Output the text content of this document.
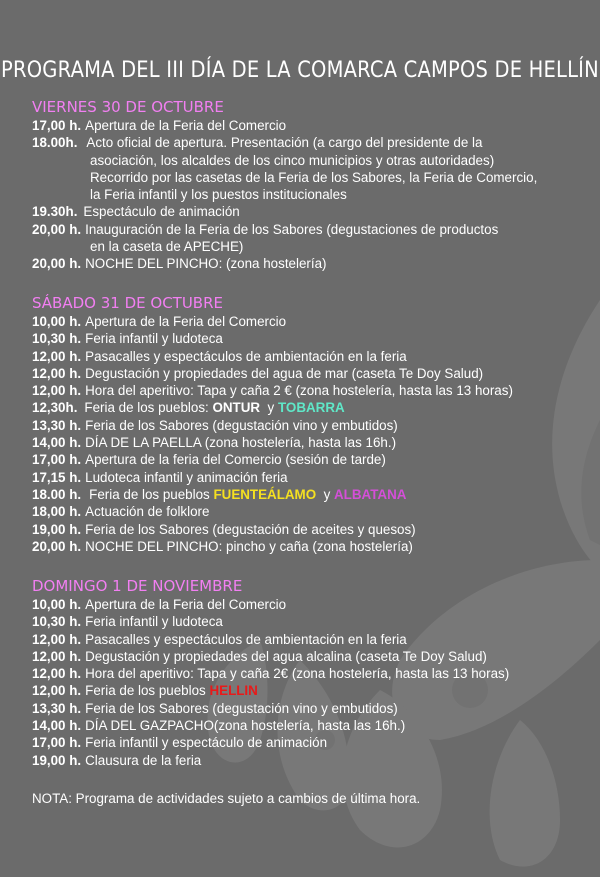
PROGRAMA DEL III DÍA DE LA COMARCA CAMPOS DE HELLÍN
VIERNES 30 DE OCTUBRE
17,00 h. Apertura de la Feria del Comercio
18.00h. Acto oficial de apertura. Presentación (a cargo del presidente de la
asociación, los alcaldes de los cinco municipios y otras autoridades)
Recorrido por las casetas de la Feria de los Sabores, la Feria de Comercio,
la Feria infantil y los puestos institucionales
19.30h. Espectáculo de animación
20,00 h. Inauguración de la Feria de los Sabores (degustaciones de productos
en la caseta de APECHE)
20,00 h. NOCHE DEL PINCHO: (zona hostelería)
SÁBADO 31 DE OCTUBRE
10,00 h. Apertura de la Feria del Comercio
10,30 h. Feria infantil y ludoteca
12,00 h. Pasacalles y espectáculos de ambientación en la feria
12,00 h. Degustación y propiedades del agua de mar (caseta Te Doy Salud)
12,00 h. Hora del aperitivo: Tapa y caña 2 € (zona hostelería, hasta las 13 horas)
12,30h. Feria de los pueblos: ONTUR y TOBARRA
13,30 h. Feria de los Sabores (degustación vino y embutidos)
14,00 h. DÍA DE LA PAELLA (zona hostelería, hasta las 16h.)
17,00 h. Apertura de la feria del Comercio (sesión de tarde)
17,15 h. Ludoteca infantil y animación feria
18.00 h. Feria de los pueblos FUENTEÁLAMO y ALBATANA
18,00 h. Actuación de folklore
19,00 h. Feria de los Sabores (degustación de aceites y quesos)
20,00 h. NOCHE DEL PINCHO: pincho y caña (zona hostelería)
DOMINGO 1 DE NOVIEMBRE
10,00 h. Apertura de la Feria del Comercio
10,30 h. Feria infantil y ludoteca
12,00 h. Pasacalles y espectáculos de ambientación en la feria
12,00 h. Degustación y propiedades del agua alcalina (caseta Te Doy Salud)
12,00 h. Hora del aperitivo: Tapa y caña 2€ (zona hostelería, hasta las 13 horas)
12,00 h. Feria de los pueblos HELLIN
13,30 h. Feria de los Sabores (degustación vino y embutidos)
14,00 h. DÍA DEL GAZPACHO(zona hostelería, hasta las 16h.)
17,00 h. Feria infantil y espectáculo de animación
19,00 h. Clausura de la feria
NOTA: Programa de actividades sujeto a cambios de última hora.
